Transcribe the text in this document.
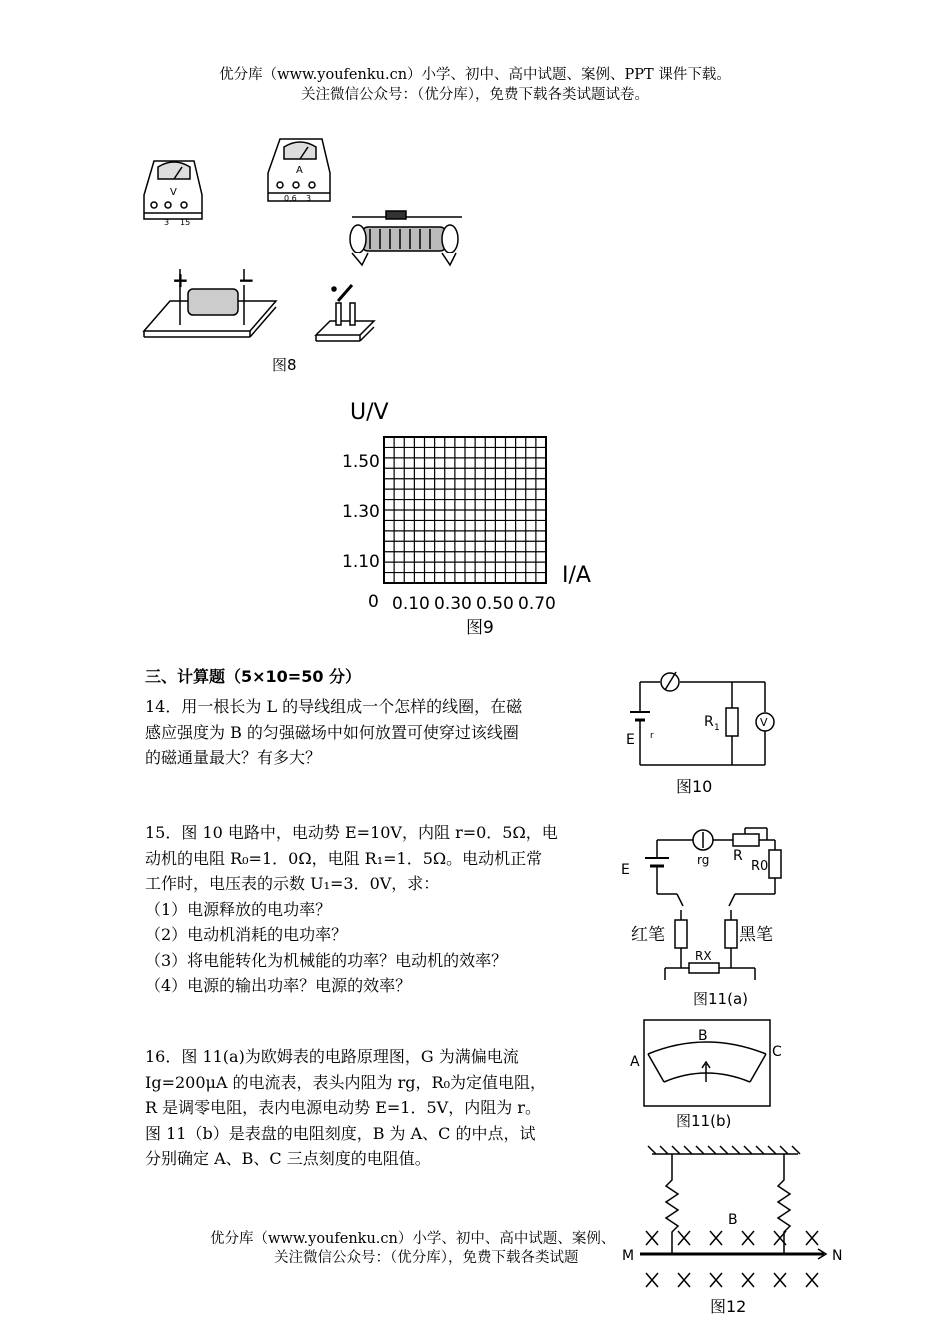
优分库（www.youfenku.cn）小学、初中、高中试题、案例、PPT 课件下载。
关注微信公众号：（优分库），免费下载各类试题试卷。
V
3 15
A
0.6 3
+ −
图8
U/V
1.50
1.30
1.10
0 0.10 0.30 0.50 0.70
I/A
图9
三、计算题（5×10=50 分）
14．用一根长为 L 的导线组成一个怎样的线圈，在磁
感应强度为 B 的匀强磁场中如何放置可使穿过该线圈
的磁通量最大？有多大？
E r
R 1	V
图10
15．图 10 电路中，电动势 E=10V，内阻 r=0．5Ω，电
动机的电阻 R₀=1．0Ω，电阻 R₁=1．5Ω。电动机正常
工作时，电压表的示数 U₁=3．0V，求：
（1）电源释放的电功率？
（2）电动机消耗的电功率？
（3）将电能转化为机械能的功率？电动机的效率？
（4）电源的输出功率？电源的效率？
E
rg R
R0
红笔	黑笔
RX
图11(a)
16．图 11(a)为欧姆表的电路原理图，G 为满偏电流
Ig=200μA 的电流表，表头内阻为 rg，R₀为定值电阻，
R 是调零电阻，表内电源电动势 E=1．5V，内阻为 r。
图 11（b）是表盘的电阻刻度，B 为 A、C 的中点，试
分别确定 A、B、C 三点刻度的电阻值。
A
B
C
图11(b)
B
M	N
图12
优分库（www.youfenku.cn）小学、初中、高中试题、案例、
关注微信公众号：（优分库），免费下载各类试题
